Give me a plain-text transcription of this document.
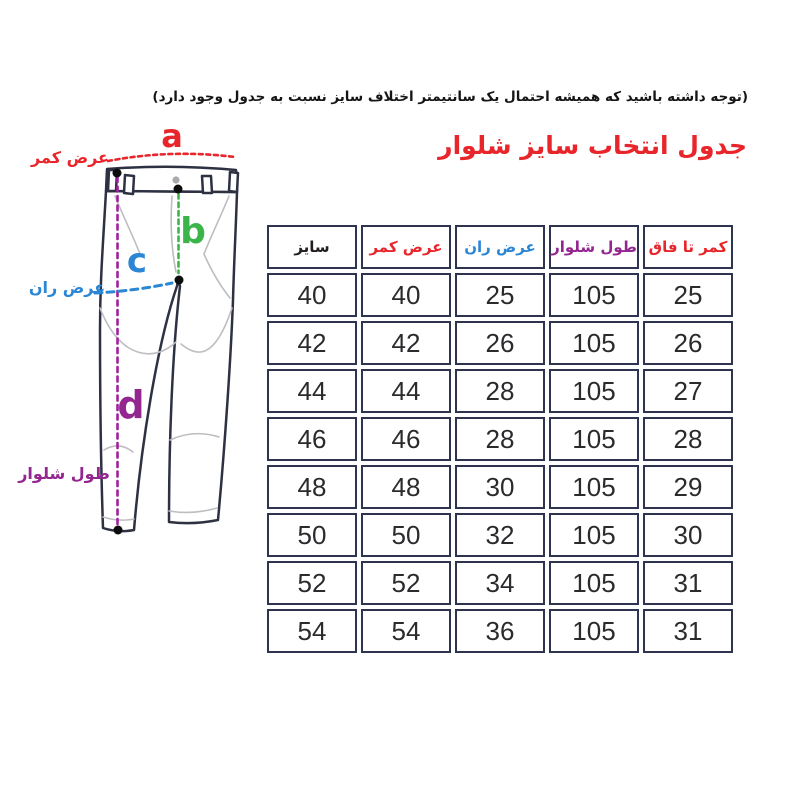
(توجه داشته باشید که همیشه احتمال یک سانتیمتر اختلاف سایز نسبت به جدول وجود دارد)
جدول انتخاب سایز شلوار
a
b
c
d
عرض کمر
عرض ران
طول شلوار
سایز	عرض کمر	عرض ران	طول شلوار	کمر تا فاق
40	40	25	105	25
42	42	26	105	26
44	44	28	105	27
46	46	28	105	28
48	48	30	105	29
50	50	32	105	30
52	52	34	105	31
54	54	36	105	31
